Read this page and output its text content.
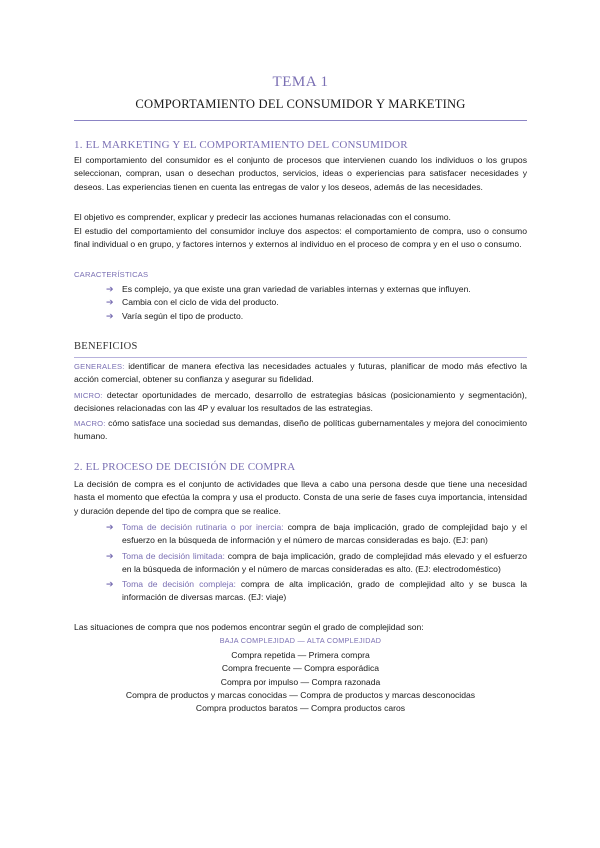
TEMA 1
COMPORTAMIENTO DEL CONSUMIDOR Y MARKETING
1. EL MARKETING Y EL COMPORTAMIENTO DEL CONSUMIDOR

El comportamiento del consumidor es el conjunto de procesos que intervienen cuando los individuos o los grupos seleccionan, compran, usan o desechan productos, servicios, ideas o experiencias para satisfacer necesidades y deseos. Las experiencias tienen en cuenta las entregas de valor y los deseos, además de las necesidades.

El objetivo es comprender, explicar y predecir las acciones humanas relacionadas con el consumo.

El estudio del comportamiento del consumidor incluye dos aspectos: el comportamiento de compra, uso o consumo final individual o en grupo, y factores internos y externos al individuo en el proceso de compra y en el uso o consumo.

CARACTERÍSTICAS
➔ Es complejo, ya que existe una gran variedad de variables internas y externas que influyen.
➔ Cambia con el ciclo de vida del producto.
➔ Varía según el tipo de producto.
BENEFICIOS

GENERALES: identificar de manera efectiva las necesidades actuales y futuras, planificar de modo más efectivo la acción comercial, obtener su confianza y asegurar su fidelidad.

MICRO: detectar oportunidades de mercado, desarrollo de estrategias básicas (posicionamiento y segmentación), decisiones relacionadas con las 4P y evaluar los resultados de las estrategias.

MACRO: cómo satisface una sociedad sus demandas, diseño de políticas gubernamentales y mejora del conocimiento humano.

2. EL PROCESO DE DECISIÓN DE COMPRA

La decisión de compra es el conjunto de actividades que lleva a cabo una persona desde que tiene una necesidad hasta el momento que efectúa la compra y usa el producto. Consta de una serie de fases cuya importancia, intensidad y duración depende del tipo de compra que se realice.

➔ Toma de decisión rutinaria o por inercia: compra de baja implicación, grado de complejidad bajo y el esfuerzo en la búsqueda de información y el número de marcas consideradas es bajo. (EJ: pan)
➔ Toma de decisión limitada: compra de baja implicación, grado de complejidad más elevado y el esfuerzo en la búsqueda de información y el número de marcas consideradas es alto. (EJ: electrodoméstico)
➔ Toma de decisión compleja: compra de alta implicación, grado de complejidad alto y se busca la información de diversas marcas. (EJ: viaje)

Las situaciones de compra que nos podemos encontrar según el grado de complejidad son:

BAJA COMPLEJIDAD — ALTA COMPLEJIDAD
Compra repetida — Primera compra
Compra frecuente — Compra esporádica
Compra por impulso — Compra razonada
Compra de productos y marcas conocidas — Compra de productos y marcas desconocidas
Compra productos baratos — Compra productos caros
